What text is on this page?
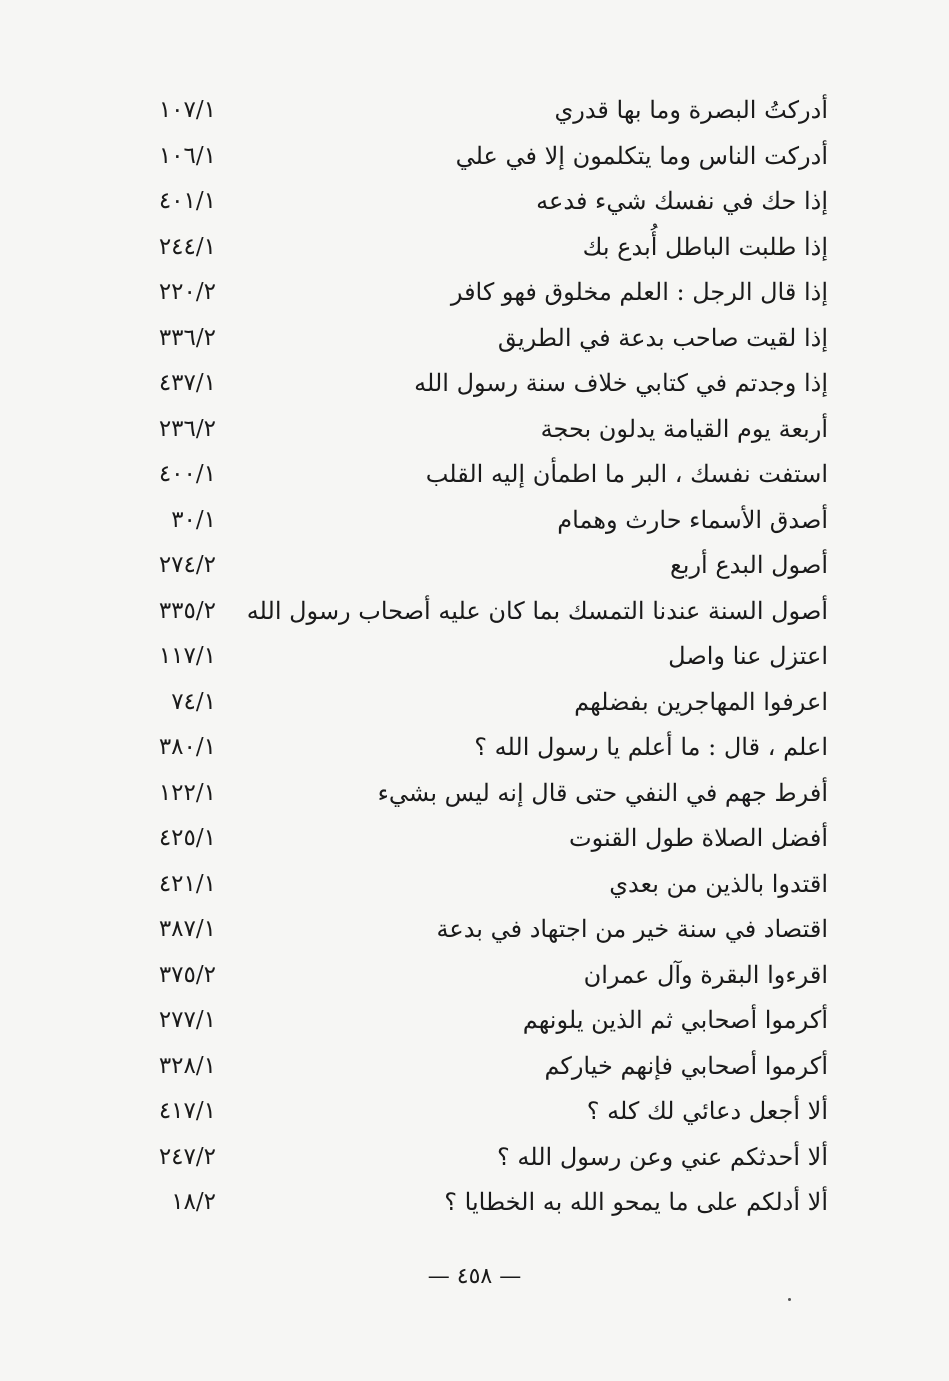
أدركتُ البصرة وما بها قدري
١٠٧/١
أدركت الناس وما يتكلمون إلا في علي
١٠٦/١
إذا حك في نفسك شيء فدعه
٤٠١/١
إذا طلبت الباطل أُبدع بك
٢٤٤/١
إذا قال الرجل : العلم مخلوق فهو كافر
٢٢٠/٢
إذا لقيت صاحب بدعة في الطريق
٣٣٦/٢
إذا وجدتم في كتابي خلاف سنة رسول الله
٤٣٧/١
أربعة يوم القيامة يدلون بحجة
٢٣٦/٢
استفت نفسك ، البر ما اطمأن إليه القلب
٤٠٠/١
أصدق الأسماء حارث وهمام
٣٠/١
أصول البدع أربع
٢٧٤/٢
أصول السنة عندنا التمسك بما كان عليه أصحاب رسول الله
٣٣٥/٢
اعتزل عنا واصل
١١٧/١
اعرفوا المهاجرين بفضلهم
٧٤/١
اعلم ، قال : ما أعلم يا رسول الله ؟
٣٨٠/١
أفرط جهم في النفي حتى قال إنه ليس بشيء
١٢٢/١
أفضل الصلاة طول القنوت
٤٢٥/١
اقتدوا بالذين من بعدي
٤٢١/١
اقتصاد في سنة خير من اجتهاد في بدعة
٣٨٧/١
اقرءوا البقرة وآل عمران
٣٧٥/٢
أكرموا أصحابي ثم الذين يلونهم
٢٧٧/١
أكرموا أصحابي فإنهم خياركم
٣٢٨/١
ألا أجعل دعائي لك كله ؟
٤١٧/١
ألا أحدثكم عني وعن رسول الله ؟
٢٤٧/٢
ألا أدلكم على ما يمحو الله به الخطايا ؟
١٨/٢
— ٤٥٨ —
